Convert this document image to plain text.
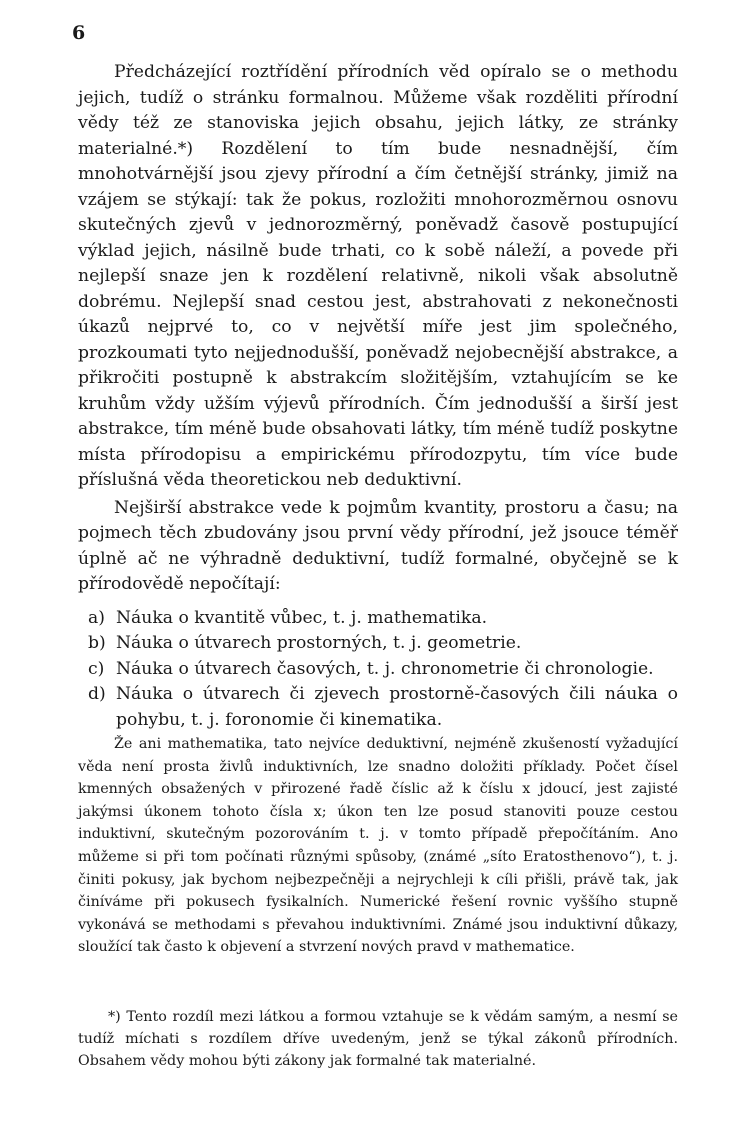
6

Předcházející roztřídění přírodních věd opíralo se o methodu jejich, tudíž o stránku formalnou. Můžeme však rozděliti přírodní vědy též ze stanoviska jejich obsahu, jejich látky, ze stránky materialné.*) Rozdělení to tím bude nesnadnější, čím mnohotvárnější jsou zjevy přírodní a čím četnější stránky, jimiž na vzájem se stýkají: tak že pokus, rozložiti mnohorozměrnou osnovu skutečných zjevů v jednorozměrný, poněvadž časově postupující výklad jejich, násilně bude trhati, co k sobě náleží, a povede při nejlepší snaze jen k rozdělení relativně, nikoli však absolutně dobrému. Nejlepší snad cestou jest, abstrahovati z nekonečnosti úkazů nejprvé to, co v největší míře jest jim společného, prozkoumati tyto nejjednodušší, poněvadž nejobecnější abstrakce, a přikročiti postupně k abstrakcím složitějším, vztahujícím se ke kruhům vždy užším výjevů přírodních. Čím jednodušší a širší jest abstrakce, tím méně bude obsahovati látky, tím méně tudíž poskytne místa přírodopisu a empirickému přírodozpytu, tím více bude příslušná věda theoretickou neb deduktivní.

Nejširší abstrakce vede k pojmům kvantity, prostoru a času; na pojmech těch zbudovány jsou první vědy přírodní, jež jsouce téměř úplně ač ne výhradně deduktivní, tudíž formalné, obyčejně se k přírodovědě nepočítají:

a) Náuka o kvantitě vůbec, t. j. mathematika.
b) Náuka o útvarech prostorných, t. j. geometrie.
c) Náuka o útvarech časových, t. j. chronometrie či chronologie.
d) Náuka o útvarech či zjevech prostorně-časových čili náuka o pohybu, t. j. foronomie či kinematika.

Že ani mathematika, tato nejvíce deduktivní, nejméně zkušeností vyžadující věda není prosta živlů induktivních, lze snadno doložiti příklady. Počet čísel kmenných obsažených v přirozené řadě číslic až k číslu x jdoucí, jest zajisté jakýmsi úkonem tohoto čísla x; úkon ten lze posud stanoviti pouze cestou induktivní, skutečným pozorováním t. j. v tomto případě přepočítáním. Ano můžeme si při tom počínati různými spůsoby, (známé „síto Eratosthenovo“), t. j. činiti pokusy, jak bychom nejbezpečněji a nejrychleji k cíli přišli, právě tak, jak činíváme při pokusech fysikalních. Numerické řešení rovnic vyššího stupně vykonává se methodami s převahou induktivními. Známé jsou induktivní důkazy, sloužící tak často k objevení a stvrzení nových pravd v mathematice.

*) Tento rozdíl mezi látkou a formou vztahuje se k vědám samým, a nesmí se tudíž míchati s rozdílem dříve uvedeným, jenž se týkal zákonů přírodních. Obsahem vědy mohou býti zákony jak formalné tak materialné.
